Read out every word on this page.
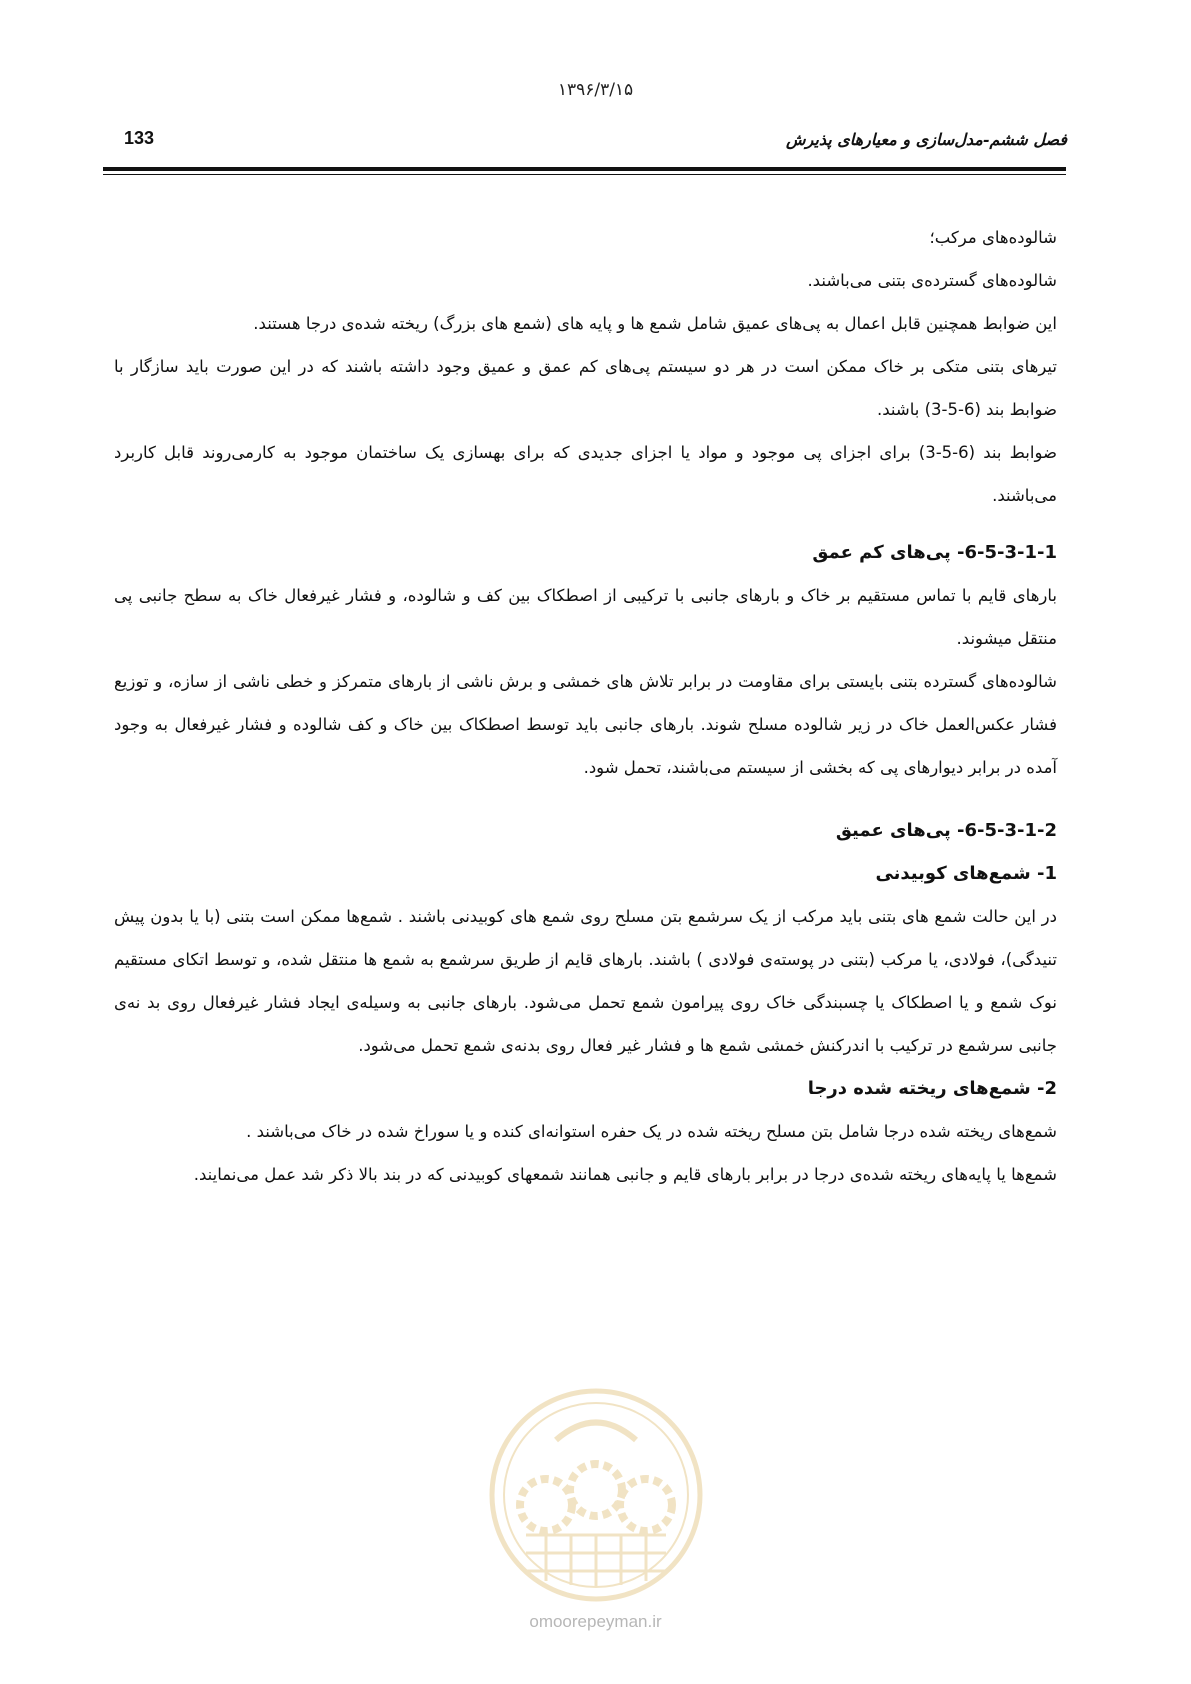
۱۳۹۶/۳/۱۵
فصل ششم-مدل‌سازی و معیارهای پذیرش
133

شالوده‌های مرکب؛

شالوده‌های گسترده‌ی بتنی می‌باشند.

این ضوابط همچنین قابل اعمال به پی‌های عمیق شامل شمع ها و پایه های (شمع های بزرگ) ریخته شده‌ی درجا هستند.

تیرهای بتنی متکی بر خاک ممکن است در هر دو سیستم پی‌های کم عمق و عمیق وجود داشته باشند که در این صورت باید سازگار با ضوابط بند (6-5-3) باشند.

ضوابط بند (6-5-3) برای اجزای پی موجود و مواد یا اجزای جدیدی که برای بهسازی یک ساختمان موجود به کارمی‌روند قابل کاربرد می‌باشند.

6-5-3-1-1- پی‌های کم عمق

بارهای قایم با تماس مستقیم بر خاک و بارهای جانبی با ترکیبی از اصطکاک بین کف و شالوده، و فشار غیرفعال خاک به سطح جانبی پی منتقل میشوند.

شالوده‌های گسترده بتنی بایستی برای مقاومت در برابر تلاش های خمشی و برش ناشی از بارهای متمرکز و خطی ناشی از سازه، و توزیع فشار عکس‌العمل خاک در زیر شالوده مسلح شوند. بارهای جانبی باید توسط اصطکاک بین خاک و کف شالوده و فشار غیرفعال به وجود آمده در برابر دیوارهای پی که بخشی از سیستم می‌باشند، تحمل شود.

6-5-3-1-2- پی‌های عمیق
1- شمع‌های کوبیدنی

در این حالت شمع های بتنی باید مرکب از یک سرشمع بتن مسلح روی شمع های کوبیدنی باشند . شمع‌ها ممکن است بتنی (با یا بدون پیش تنیدگی)، فولادی، یا مرکب (بتنی در پوسته‌ی فولادی ) باشند. بارهای قایم از طریق سرشمع به شمع ها منتقل شده، و توسط اتکای مستقیم نوک شمع و یا اصطکاک یا چسبندگی خاک روی پیرامون شمع تحمل می‌شود. بارهای جانبی به وسیله‌ی ایجاد فشار غیرفعال روی بد نه‌ی جانبی سرشمع در ترکیب با اندرکنش خمشی شمع ها و فشار غیر فعال روی بدنه‌ی شمع تحمل می‌شود.

2- شمع‌های ریخته شده درجا

شمع‌های ریخته شده درجا شامل بتن مسلح ریخته شده در یک حفره استوانه‌ای کنده و یا سوراخ شده در خاک می‌باشند .

شمع‌ها یا پایه‌های ریخته شده‌ی درجا در برابر بارهای قایم و جانبی همانند شمعهای کوبیدنی که در بند بالا ذکر شد عمل می‌نمایند.

omoorepeyman.ir
